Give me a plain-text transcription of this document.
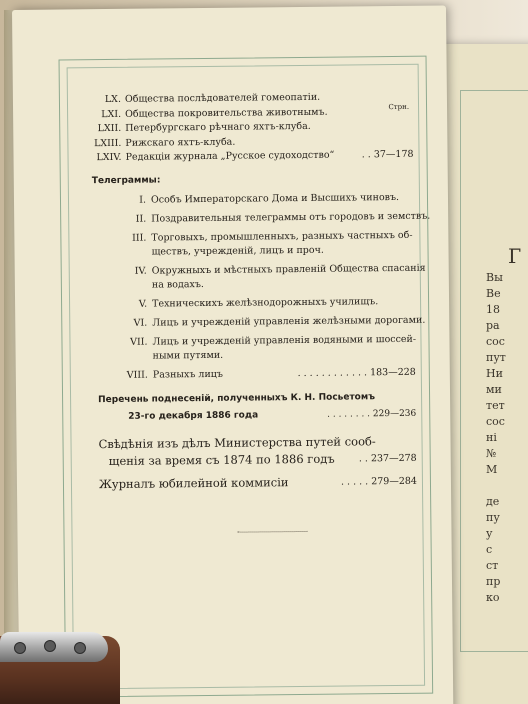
Г
Вы
Ве
18
ра
сос
пут
Ни
ми
тет
сос
ні
№
М
де
пу
у
с
ст
пр
ко
Стрн.
LX. Общества послѣдователей гомеопатіи.
LXI. Общества покровительства животнымъ.
LXII. Петербургскаго рѣчнаго яхтъ-клуба.
LXIII. Рижскаго яхтъ-клуба.
LXIV. Редакціи журнала „Русское судоходство“	. . 37—178
Телеграммы:
I. Особъ Императорскаго Дома и Высшихъ чиновъ.
II. Поздравительныя телеграммы отъ городовъ и земствъ.
III. Торговыхъ, промышленныхъ, разныхъ частныхъ об-
ществъ, учрежденій, лицъ и проч.
IV. Окружныхъ и мѣстныхъ правленій Общества спасанія
на водахъ.
V. Техническихъ желѣзнодорожныхъ училищъ.
VI. Лицъ и учрежденій управленія желѣзными дорогами.
VII. Лицъ и учрежденій управленія водяными и шоссей-
ными путями.
VIII. Разныхъ лицъ	. . . . . . . . . . . . 183—228
Перечень поднесеній, полученныхъ К. Н. Посьетомъ
23-го декабря 1886 года	. . . . . . . . 229—236
Свѣдѣнія изъ дѣлъ Министерства путей сооб-
щенія за время съ 1874 по 1886 годъ	. . 237—278
Журналъ юбилейной коммисіи	. . . . . 279—284
